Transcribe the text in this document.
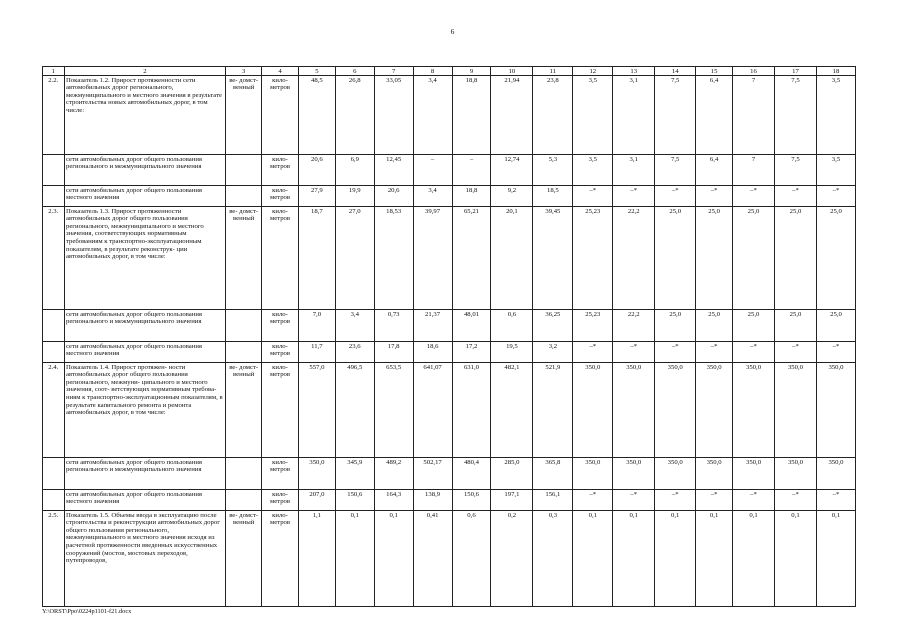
6
1	2	3	4	5	6	7	8	9	10	11	12	13	14	15	16	17	18
2.2.	Показатель 1.2. Прирост протяженности сети автомобильных дорог регионального, межмуниципального и местного значения в результате строительства новых автомобильных дорог, в том числе:	ве- домст- венный	кило- метров	48,5	26,8	33,05	3,4	18,8	21,94	23,8	3,5	3,1	7,5	6,4	7	7,5	3,5
	сети автомобильных дорог общего пользования регионального и межмуниципального значения		кило- метров	20,6	6,9	12,45	–	–	12,74	5,3	3,5	3,1	7,5	6,4	7	7,5	3,5
	сети автомобильных дорог общего пользования местного значения		кило- метров	27,9	19,9	20,6	3,4	18,8	9,2	18,5	–*	–*	–*	–*	–*	–*	–*
2.3.	Показатель 1.3. Прирост протяженности автомобильных дорог общего пользования регионального, межмуниципального и местного значения, соответствующих нормативным требованиям к транспортно-эксплуатационным показателям, в результате реконструк- ции автомобильных дорог, в том числе:	ве- домст- венный	кило- метров	18,7	27,0	18,53	39,97	65,21	20,1	39,45	25,23	22,2	25,0	25,0	25,0	25,0	25,0
	сети автомобильных дорог общего пользования регионального и межмуниципального значения		кило- метров	7,0	3,4	0,73	21,37	48,01	0,6	36,25	25,23	22,2	25,0	25,0	25,0	25,0	25,0
	сети автомобильных дорог общего пользования местного значения		кило- метров	11,7	23,6	17,8	18,6	17,2	19,5	3,2	–*	–*	–*	–*	–*	–*	–*
2.4.	Показатель 1.4. Прирост протяжен- ности автомобильных дорог общего пользования регионального, межмуни- ципального и местного значения, соот- ветствующих нормативным требова- ниям к транспортно-эксплуатационным показателям, в результате капитального ремонта и ремонта автомобильных дорог, в том числе:	ве- домст- венный	кило- метров	557,0	496,5	653,5	641,07	631,0	482,1	521,9	350,0	350,0	350,0	350,0	350,0	350,0	350,0
	сети автомобильных дорог общего пользования регионального и межмуниципального значения		кило- метров	350,0	345,9	489,2	502,17	480,4	285,0	365,8	350,0	350,0	350,0	350,0	350,0	350,0	350,0
	сети автомобильных дорог общего пользования местного значения		кило- метров	207,0	150,6	164,3	138,9	150,6	197,1	156,1	–*	–*	–*	–*	–*	–*	–*
2.5.	Показатель 1.5. Объемы ввода в эксплуатацию после строительства и реконструкции автомобильных дорог общего пользования регионального, межмуниципального и местного значения исходя из расчетной протяженности введенных искусственных сооружений (мостов, мостовых переходов, путепроводов,	ве- домст- венный	кило- метров	1,1	0,1	0,1	0,41	0,6	0,2	0,3	0,1	0,1	0,1	0,1	0,1	0,1	0,1
Y:\ORST\Ppo\0224p1101-f21.docx
